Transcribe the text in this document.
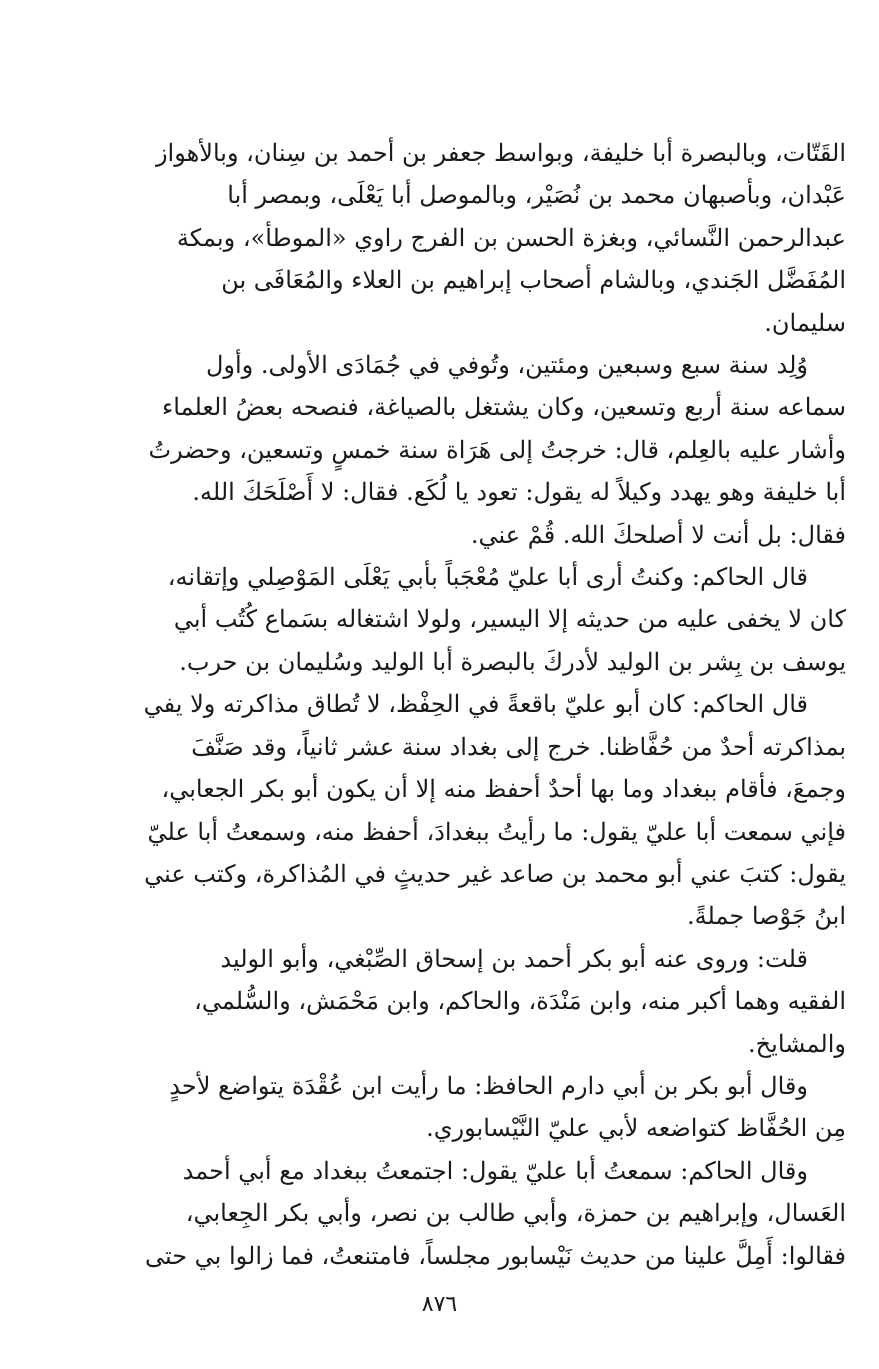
القَتّات، وبالبصرة أبا خليفة، وبواسط جعفر بن أحمد بن سِنان، وبالأهواز
عَبْدان، وبأصبهان محمد بن نُصَيْر، وبالموصل أبا يَعْلَى، وبمصر أبا
عبدالرحمن النَّسائي، وبغزة الحسن بن الفرج راوي «الموطأ»، وبمكة
المُفَضَّل الجَندي، وبالشام أصحاب إبراهيم بن العلاء والمُعَافَى بن
سليمان.
وُلِد سنة سبع وسبعين ومئتين، وتُوفي في جُمَادَى الأولى. وأول
سماعه سنة أربع وتسعين، وكان يشتغل بالصياغة، فنصحه بعضُ العلماء
وأشار عليه بالعِلم، قال: خرجتُ إلى هَرَاة سنة خمسٍ وتسعين، وحضرتُ
أبا خليفة وهو يهدد وكيلاً له يقول: تعود يا لُكَع. فقال: لا أَصْلَحَكَ الله.
فقال: بل أنت لا أصلحكَ الله. قُمْ عني.
قال الحاكم: وكنتُ أرى أبا عليّ مُعْجَباً بأبي يَعْلَى المَوْصِلي وإتقانه،
كان لا يخفى عليه من حديثه إلا اليسير، ولولا اشتغاله بسَماع كُتُب أبي
يوسف بن بِشر بن الوليد لأدركَ بالبصرة أبا الوليد وسُليمان بن حرب.
قال الحاكم: كان أبو عليّ باقعةً في الحِفْظ، لا تُطاق مذاكرته ولا يفي
بمذاكرته أحدٌ من حُفَّاظنا. خرج إلى بغداد سنة عشر ثانياً، وقد صَنَّفَ
وجمعَ، فأقام ببغداد وما بها أحدٌ أحفظ منه إلا أن يكون أبو بكر الجعابي،
فإني سمعت أبا عليّ يقول: ما رأيتُ ببغدادَ، أحفظ منه، وسمعتُ أبا عليّ
يقول: كتبَ عني أبو محمد بن صاعد غير حديثٍ في المُذاكرة، وكتب عني
ابنُ جَوْصا جملةً.
قلت: وروى عنه أبو بكر أحمد بن إسحاق الصِّبْغي، وأبو الوليد
الفقيه وهما أكبر منه، وابن مَنْدَة، والحاكم، وابن مَحْمَش، والسُّلمي،
والمشايخ.
وقال أبو بكر بن أبي دارم الحافظ: ما رأيت ابن عُقْدَة يتواضع لأحدٍ
مِن الحُفَّاظ كتواضعه لأبي عليّ النَّيْسابوري.
وقال الحاكم: سمعتُ أبا عليّ يقول: اجتمعتُ ببغداد مع أبي أحمد
العَسال، وإبراهيم بن حمزة، وأبي طالب بن نصر، وأبي بكر الجِعابي،
فقالوا: أَمِلَّ علينا من حديث نَيْسابور مجلساً، فامتنعتُ، فما زالوا بي حتى
٨٧٦
